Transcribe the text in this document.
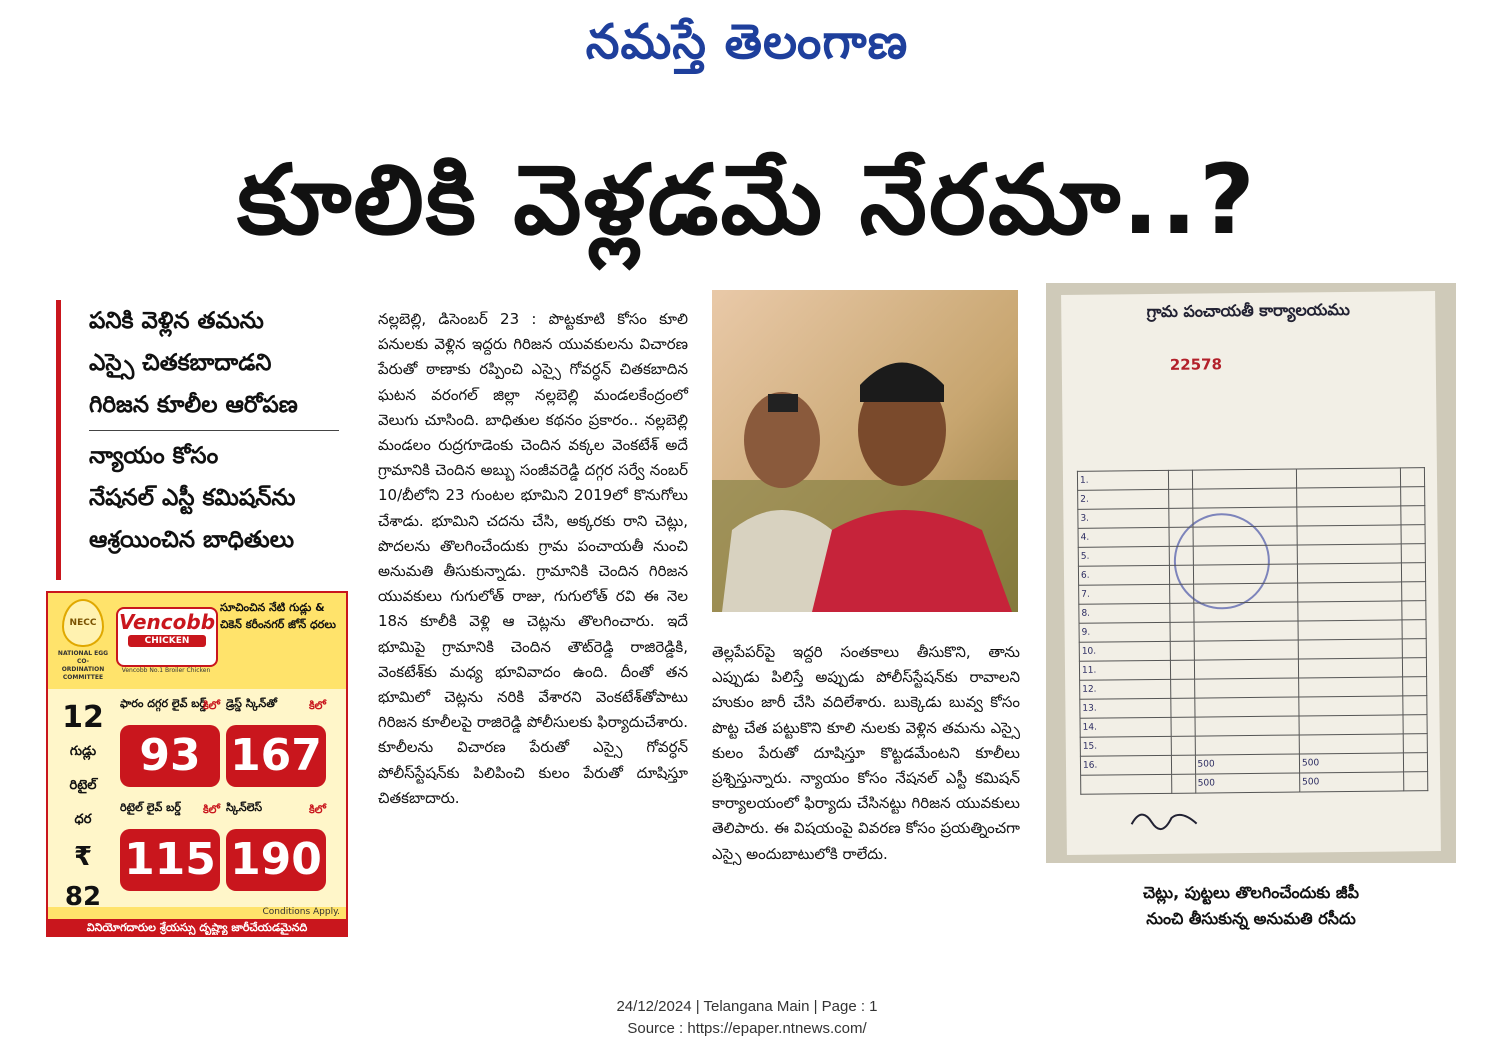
నమస్తే తెలంగాణ
కూలికి వెళ్లడమే నేరమా..?
పనికి వెళ్లిన తమను
ఎస్సై చితకబాదాడని
గిరిజన కూలీల ఆరోపణ
న్యాయం కోసం
నేషనల్ ఎస్టీ కమిషన్‌ను
ఆశ్రయించిన బాధితులు
నల్లబెల్లి, డిసెంబర్ 23 : పొట్టకూటి కోసం కూలి పనులకు వెళ్లిన ఇద్దరు గిరిజన యువకులను విచారణ పేరుతో ఠాణాకు రప్పించి ఎస్సై గోవర్ధన్ చితకబాదిన ఘటన వరంగల్ జిల్లా నల్లబెల్లి మండలకేంద్రంలో వెలుగు చూసింది. బాధితుల కథనం ప్రకారం.. నల్లబెల్లి మండలం రుద్రగూడెంకు చెందిన వక్కల వెంకటేశ్ అదే గ్రామానికి చెందిన అబ్బు సంజీవరెడ్డి దగ్గర సర్వే నంబర్ 10/బీలోని 23 గుంటల భూమిని 2019లో కొనుగోలు చేశాడు. భూమిని చదను చేసి, అక్కరకు రాని చెట్లు, పొదలను తొలగించేందుకు గ్రామ పంచాయతీ నుంచి అనుమతి తీసుకున్నాడు. గ్రామానికి చెందిన గిరిజన యువకులు గుగులోత్ రాజు, గుగులోత్ రవి ఈ నెల 18న కూలీకి వెళ్లి ఆ చెట్లను తొలగించారు. ఇదే భూమిపై గ్రామానికి చెందిన తౌట్‌రెడ్డి రాజిరెడ్డికి, వెంకటేశ్‌కు మధ్య భూవివాదం ఉంది. దీంతో తన భూమిలో చెట్లను నరికి వేశారని వెంకటేశ్‌తోపాటు గిరిజన కూలీలపై రాజిరెడ్డి పోలీసులకు ఫిర్యాదుచేశారు. కూలీలను విచారణ పేరుతో ఎస్సై గోవర్ధన్ పోలీస్‌స్టేషన్‌కు పిలిపించి కులం పేరుతో దూషిస్తూ చితకబాదారు.
తెల్లపేపర్‌పై ఇద్దరి సంతకాలు తీసుకొని, తాను ఎప్పుడు పిలిస్తే అప్పుడు పోలీస్‌స్టేషన్‌కు రావాలని హుకుం జారీ చేసి వదిలేశారు. బుక్కెడు బువ్వ కోసం పొట్ట చేత పట్టుకొని కూలి నులకు వెళ్లిన తమను ఎస్సై కులం పేరుతో దూషిస్తూ కొట్టడమేంటని కూలీలు ప్రశ్నిస్తున్నారు. న్యాయం కోసం నేషనల్ ఎస్టీ కమిషన్ కార్యాలయంలో ఫిర్యాదు చేసినట్టు గిరిజన యువకులు తెలిపారు. ఈ విషయంపై వివరణ కోసం ప్రయత్నించగా ఎస్సై అందుబాటులోకి రాలేదు.
గ్రామ పంచాయతీ కార్యాలయము
22578
1.				
2.				
3.				
4.				
5.				
6.				
7.				
8.				
9.				
10.				
11.				
12.				
13.				
14.				
15.				
16.		500	500	
		500	500	
చెట్లు, పుట్టలు తొలగించేందుకు జీపీ
నుంచి తీసుకున్న అనుమతి రసీదు
NECC
NATIONAL EGG CO-ORDINATION COMMITTEE
Vencobb
CHICKEN
Vencobb No.1 Broiler Chicken
సూచించిన నేటి గుడ్లు & చికెన్ కరీంనగర్ జోన్ ధరలు
12
గుడ్లు
రిటైల్
ధర
₹ 82
ఫారం దగ్గర లైవ్ బర్డ్
కిలో
93
డ్రెస్డ్ స్కిన్‌తో	కిలో
167
రిటైల్ లైవ్ బర్డ్	కిలో
115
స్కిన్‌లెస్	కిలో
190
Conditions Apply.
వినియోగదారుల శ్రేయస్సు దృష్ట్యా జారీచేయడమైనది
24/12/2024 | Telangana Main | Page : 1
Source : https://epaper.ntnews.com/
